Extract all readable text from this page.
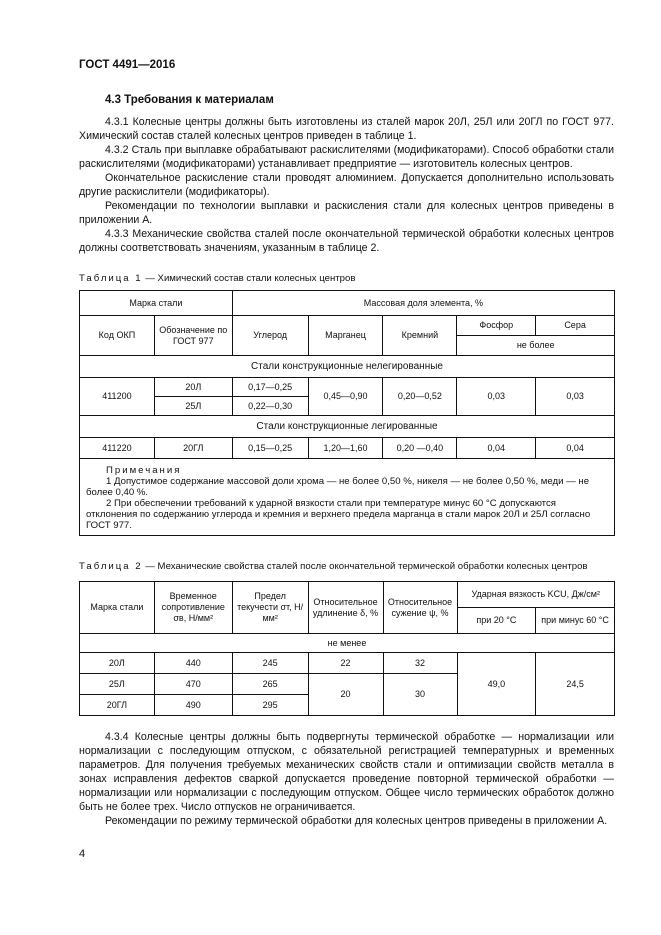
ГОСТ 4491—2016
4.3 Требования к материалам

4.3.1 Колесные центры должны быть изготовлены из сталей марок 20Л, 25Л или 20ГЛ по ГОСТ 977. Химический состав сталей колесных центров приведен в таблице 1.

4.3.2 Сталь при выплавке обрабатывают раскислителями (модификаторами). Способ обработки стали раскислителями (модификаторами) устанавливает предприятие — изготовитель колесных центров.

Окончательное раскисление стали проводят алюминием. Допускается дополнительно использовать другие раскислители (модификаторы).

Рекомендации по технологии выплавки и раскисления стали для колесных центров приведены в приложении А.

4.3.3 Механические свойства сталей после окончательной термической обработки колесных центров должны соответствовать значениям, указанным в таблице 2.

Таблица 1 — Химический состав стали колесных центров
Марка стали		Массовая доля элемента, %				
Код ОКП	Обозначение по ГОСТ 977	Углерод	Марганец	Кремний	Фосфор	Сера
					не более	
Стали конструкционные нелегированные						
411200	20Л	0,17—0,25	0,45—0,90	0,20—0,52	0,03	0,03
	25Л	0,22—0,30				
Стали конструкционные легированные						
411220	20ГЛ	0,15—0,25	1,20—1,60	0,20 —0,40	0,04	0,04

Примечания
1 Допустимое содержание массовой доли хрома — не более 0,50 %, никеля — не более 0,50 %, меди — не более 0,40 %.
2 При обеспечении требований к ударной вязкости стали при температуре минус 60 °С допускаются отклонения по содержанию углерода и кремния и верхнего предела марганца в стали марок 20Л и 25Л согласно ГОСТ 977.						
Таблица 2 — Механические свойства сталей после окончательной термической обработки колесных центров
Марка стали	Временное сопротивление σв, Н/мм²	Предел текучести σт, Н/мм²	Относительное удлинение δ, %	Относительное сужение ψ, %	Ударная вязкость KCU, Дж/см²	
					при 20 °С	при минус 60 °С
не менее						
20Л	440	245	22	32	49,0	24,5
25Л	470	265	20	30		
20ГЛ	490	295				

4.3.4 Колесные центры должны быть подвергнуты термической обработке — нормализации или нормализации с последующим отпуском, с обязательной регистрацией температурных и временных параметров. Для получения требуемых механических свойств стали и оптимизации свойств металла в зонах исправления дефектов сваркой допускается проведение повторной термической обработки — нормализации или нормализации с последующим отпуском. Общее число термических обработок должно быть не более трех. Число отпусков не ограничивается.

Рекомендации по режиму термической обработки для колесных центров приведены в приложении А.

4
